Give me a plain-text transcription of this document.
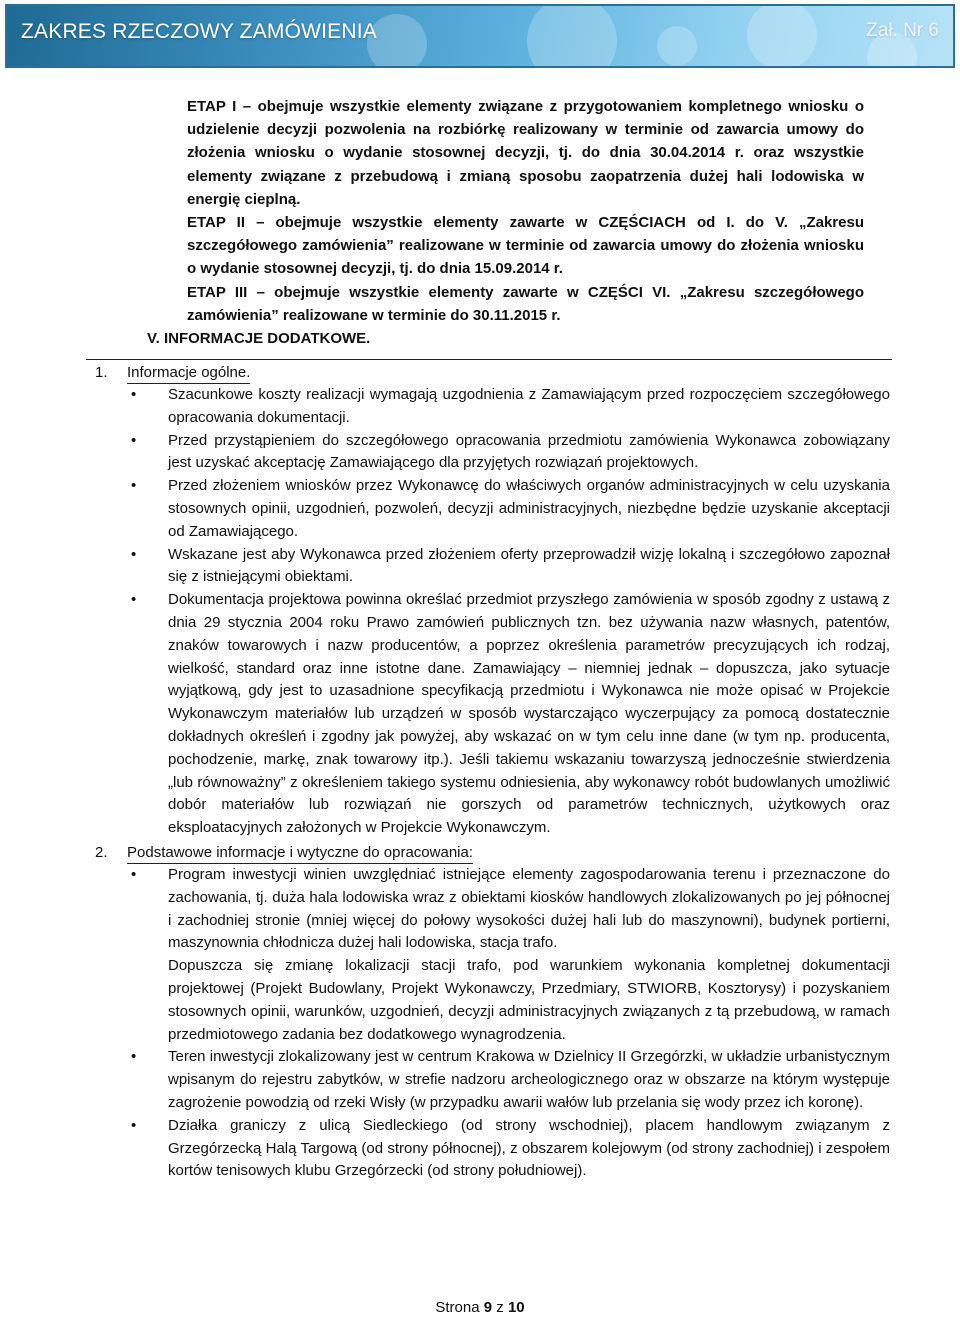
ZAKRES RZECZOWY ZAMÓWIENIA	Zał. Nr 6

ETAP I – obejmuje wszystkie elementy związane z przygotowaniem kompletnego wniosku o udzielenie decyzji pozwolenia na rozbiórkę realizowany w terminie od zawarcia umowy do złożenia wniosku o wydanie stosownej decyzji, tj. do dnia 30.04.2014 r. oraz wszystkie elementy związane z przebudową i zmianą sposobu zaopatrzenia dużej hali lodowiska w energię cieplną.

ETAP II – obejmuje wszystkie elementy zawarte w CZĘŚCIACH od I. do V. „Zakresu szczegółowego zamówienia” realizowane w terminie od zawarcia umowy do złożenia wniosku o wydanie stosownej decyzji, tj. do dnia 15.09.2014 r.

ETAP III – obejmuje wszystkie elementy zawarte w CZĘŚCI VI. „Zakresu szczegółowego zamówienia” realizowane w terminie do 30.11.2015 r.

V. INFORMACJE DODATKOWE.
1.	Informacje ogólne.
• Szacunkowe koszty realizacji wymagają uzgodnienia z Zamawiającym przed rozpoczęciem szczegółowego opracowania dokumentacji.

• Przed przystąpieniem do szczegółowego opracowania przedmiotu zamówienia Wykonawca zobowiązany jest uzyskać akceptację Zamawiającego dla przyjętych rozwiązań projektowych.

• Przed złożeniem wniosków przez Wykonawcę do właściwych organów administracyjnych w celu uzyskania stosownych opinii, uzgodnień, pozwoleń, decyzji administracyjnych, niezbędne będzie uzyskanie akceptacji od Zamawiającego.

• Wskazane jest aby Wykonawca przed złożeniem oferty przeprowadził wizję lokalną i szczegółowo zapoznał się z istniejącymi obiektami.

• Dokumentacja projektowa powinna określać przedmiot przyszłego zamówienia w sposób zgodny z ustawą z dnia 29 stycznia 2004 roku Prawo zamówień publicznych tzn. bez używania nazw własnych, patentów, znaków towarowych i nazw producentów, a poprzez określenia parametrów precyzujących ich rodzaj, wielkość, standard oraz inne istotne dane. Zamawiający – niemniej jednak – dopuszcza, jako sytuacje wyjątkową, gdy jest to uzasadnione specyfikacją przedmiotu i Wykonawca nie może opisać w Projekcie Wykonawczym materiałów lub urządzeń w sposób wystarczająco wyczerpujący za pomocą dostatecznie dokładnych określeń i zgodny jak powyżej, aby wskazać on w tym celu inne dane (w tym np. producenta, pochodzenie, markę, znak towarowy itp.). Jeśli takiemu wskazaniu towarzyszą jednocześnie stwierdzenia „lub równoważny” z określeniem takiego systemu odniesienia, aby wykonawcy robót budowlanych umożliwić dobór materiałów lub rozwiązań nie gorszych od parametrów technicznych, użytkowych oraz eksploatacyjnych założonych w Projekcie Wykonawczym.

2.	Podstawowe informacje i wytyczne do opracowania:
• Program inwestycji winien uwzględniać istniejące elementy zagospodarowania terenu i przeznaczone do zachowania, tj. duża hala lodowiska wraz z obiektami kiosków handlowych zlokalizowanych po jej północnej i zachodniej stronie (mniej więcej do połowy wysokości dużej hali lub do maszynowni), budynek portierni, maszynownia chłodnicza dużej hali lodowiska, stacja trafo.

Dopuszcza się zmianę lokalizacji stacji trafo, pod warunkiem wykonania kompletnej dokumentacji projektowej (Projekt Budowlany, Projekt Wykonawczy, Przedmiary, STWIORB, Kosztorysy) i pozyskaniem stosownych opinii, warunków, uzgodnień, decyzji administracyjnych związanych z tą przebudową, w ramach przedmiotowego zadania bez dodatkowego wynagrodzenia.

• Teren inwestycji zlokalizowany jest w centrum Krakowa w Dzielnicy II Grzegórzki, w układzie urbanistycznym wpisanym do rejestru zabytków, w strefie nadzoru archeologicznego oraz w obszarze na którym występuje zagrożenie powodzią od rzeki Wisły (w przypadku awarii wałów lub przelania się wody przez ich koronę).

• Działka graniczy z ulicą Siedleckiego (od strony wschodniej), placem handlowym związanym z Grzegórzecką Halą Targową (od strony północnej), z obszarem kolejowym (od strony zachodniej) i zespołem kortów tenisowych klubu Grzegórzecki (od strony południowej).

Strona 9 z 10
